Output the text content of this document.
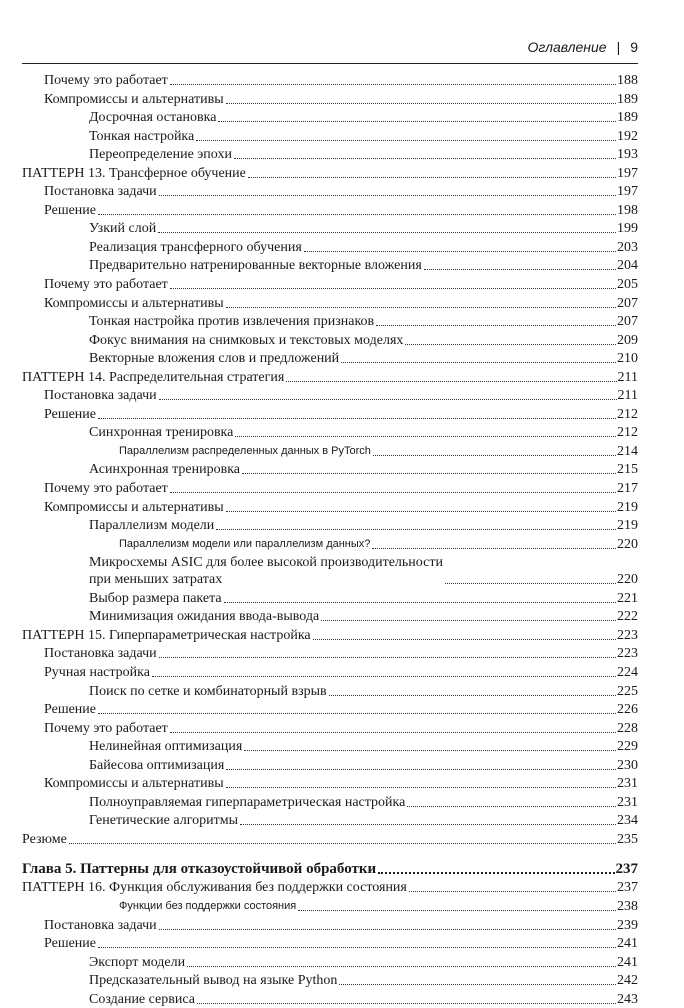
Оглавление | 9
Почему это работает	188
Компромиссы и альтернативы	189
Досрочная остановка	189
Тонкая настройка	192
Переопределение эпохи	193
ПАТТЕРН 13. Трансферное обучение	197
Постановка задачи	197
Решение	198
Узкий слой	199
Реализация трансферного обучения	203
Предварительно натренированные векторные вложения	204
Почему это работает	205
Компромиссы и альтернативы	207
Тонкая настройка против извлечения признаков	207
Фокус внимания на снимковых и текстовых моделях	209
Векторные вложения слов и предложений	210
ПАТТЕРН 14. Распределительная стратегия	211
Постановка задачи	211
Решение	212
Синхронная тренировка	212
Параллелизм распределенных данных в PyTorch	214
Асинхронная тренировка	215
Почему это работает	217
Компромиссы и альтернативы	219
Параллелизм модели	219
Параллелизм модели или параллелизм данных?	220
Микросхемы ASIC для более высокой производительности
при меньших затратах	220
Выбор размера пакета	221
Минимизация ожидания ввода-вывода	222
ПАТТЕРН 15. Гиперпараметрическая настройка	223
Постановка задачи	223
Ручная настройка	224
Поиск по сетке и комбинаторный взрыв	225
Решение	226
Почему это работает	228
Нелинейная оптимизация	229
Байесова оптимизация	230
Компромиссы и альтернативы	231
Полноуправляемая гиперпараметрическая настройка	231
Генетические алгоритмы	234
Резюме	235
Глава 5. Паттерны для отказоустойчивой обработки	237
ПАТТЕРН 16. Функция обслуживания без поддержки состояния	237
Функции без поддержки состояния	238
Постановка задачи	239
Решение	241
Экспорт модели	241
Предсказательный вывод на языке Python	242
Создание сервиса	243
